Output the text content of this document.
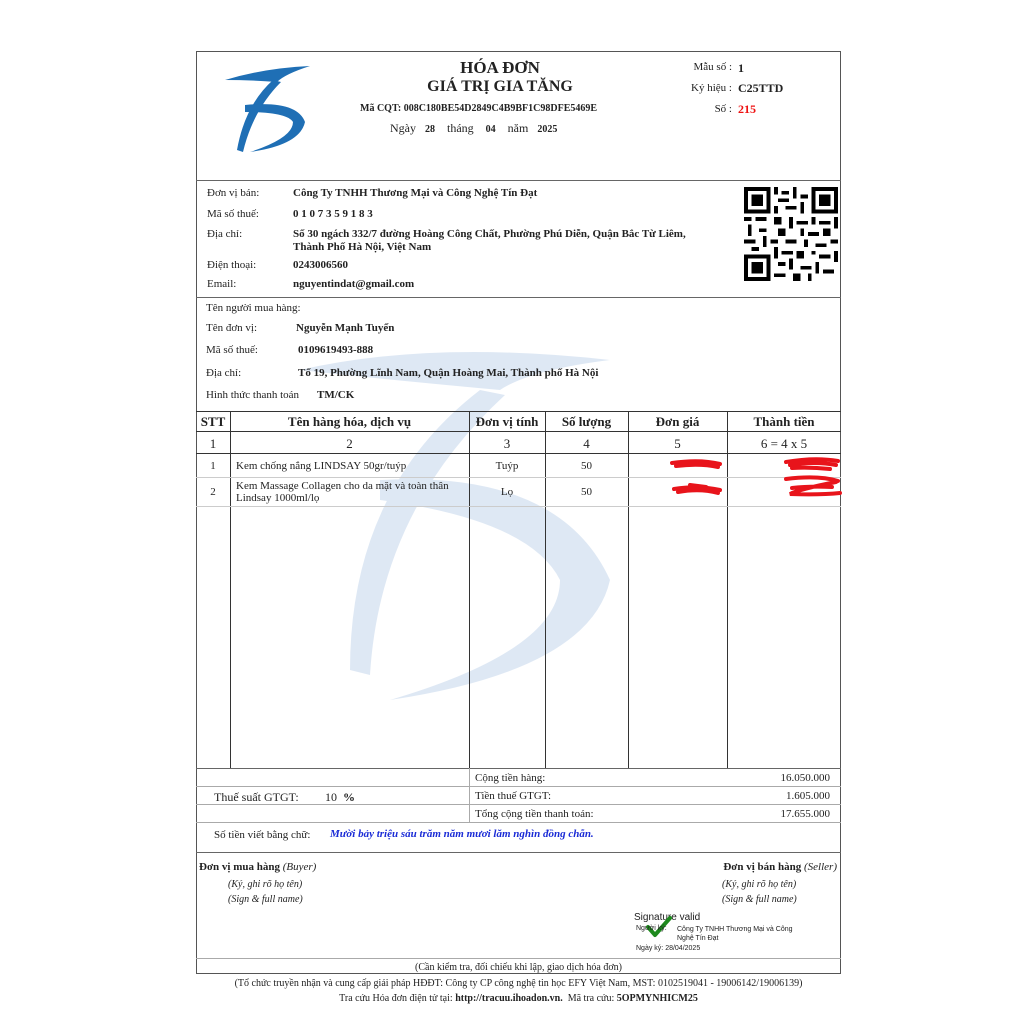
HÓA ĐƠN
GIÁ TRỊ GIA TĂNG
Mã CQT: 008C180BE54D2849C4B9BF1C98DFE5469E
Ngày 28 tháng 04 năm 2025
Mẫu số : 1
Ký hiệu : C25TTD
Số : 215
Đơn vị bán:	Công Ty TNHH Thương Mại và Công Nghệ Tín Đạt
Mã số thuế:	0 1 0 7 3 5 9 1 8 3
Địa chỉ:	Số 30 ngách 332/7 đường Hoàng Công Chất, Phường Phú Diễn, Quận Bắc Từ Liêm,
Thành Phố Hà Nội, Việt Nam
Điện thoại:	0243006560
Email:	nguyentindat@gmail.com
Tên người mua hàng:
Tên đơn vị:	Nguyễn Mạnh Tuyển
Mã số thuế:	0109619493-888
Địa chỉ:	Tổ 19, Phường Lĩnh Nam, Quận Hoàng Mai, Thành phố Hà Nội
Hình thức thanh toán TM/CK
STT	Tên hàng hóa, dịch vụ	Đơn vị tính	Số lượng	Đơn giá	Thành tiền
1	2	3	4	5	6 = 4 x 5
1	Kem chống nắng LINDSAY 50gr/tuýp	Tuýp	50
2	Kem Massage Collagen cho da mặt và toàn thân
Lindsay 1000ml/lọ	Lọ	50
Cộng tiền hàng:	16.050.000
Thuế suất GTGT: 10 %	Tiền thuế GTGT:	1.605.000
Tổng cộng tiền thanh toán:	17.655.000
Số tiền viết bằng chữ: Mười bảy triệu sáu trăm năm mươi lăm nghìn đồng chẵn.
Đơn vị mua hàng (Buyer)
(Ký, ghi rõ họ tên)
(Sign & full name)
Đơn vị bán hàng (Seller)
(Ký, ghi rõ họ tên)
(Sign & full name)
Signature valid
Người ký: Công Ty TNHH Thương Mại và Công
Nghệ Tín Đạt
Ngày ký: 28/04/2025
(Cần kiểm tra, đối chiếu khi lập, giao dịch hóa đơn)
(Tổ chức truyền nhận và cung cấp giải pháp HĐĐT: Công ty CP công nghệ tin học EFY Việt Nam, MST: 0102519041 - 19006142/19006139)
Tra cứu Hóa đơn điện tử tại: http://tracuu.ihoadon.vn. Mã tra cứu: 5OPMYNHICM25
